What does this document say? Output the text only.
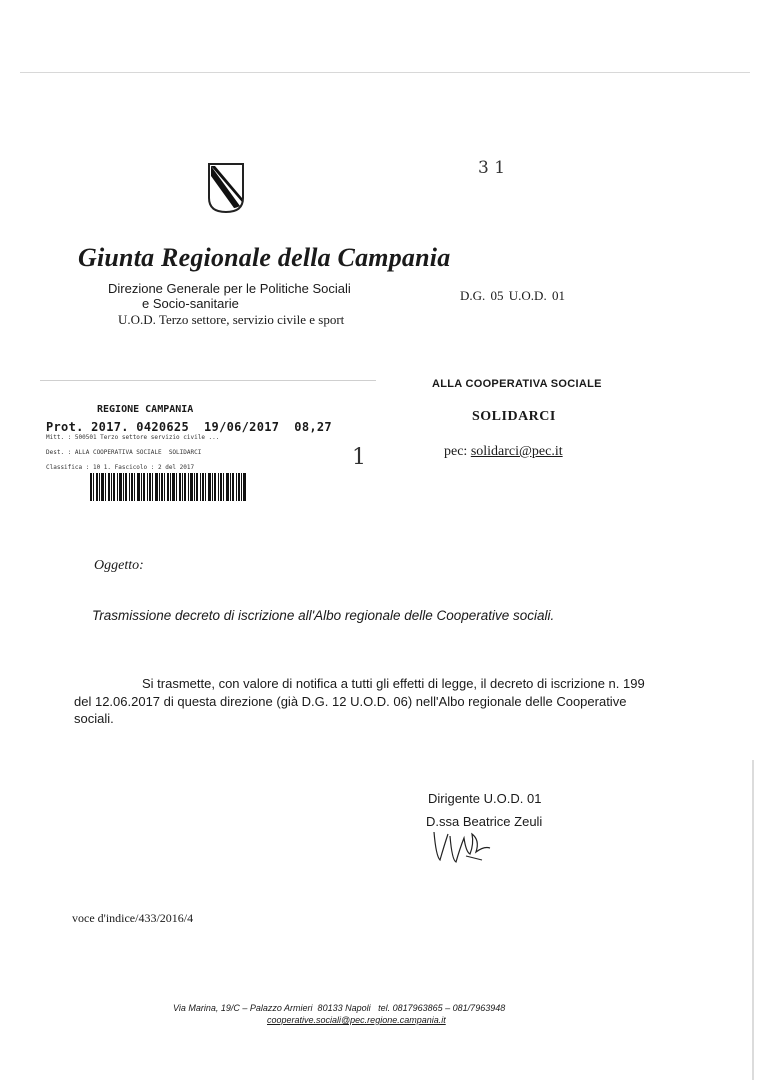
3 1
Giunta Regionale della Campania
Direzione Generale per le Politiche Sociali
e Socio-sanitarie
U.O.D. Terzo settore, servizio civile e sport
D.G. 05 U.O.D. 01
REGIONE CAMPANIA
Prot. 2017. 0420625  19/06/2017  08,27
Mitt. : 500501 Terzo settore servizio civile ...
Dest. : ALLA COOPERATIVA SOCIALE  SOLIDARCI
Classifica : 10 1. Fascicolo : 2 del 2017	1
ALLA COOPERATIVA SOCIALE
SOLIDARCI
pec: solidarci@pec.it
Oggetto:
Trasmissione decreto di iscrizione all'Albo regionale delle Cooperative sociali.
Si trasmette, con valore di notifica a tutti gli effetti di legge, il decreto di iscrizione n. 199
del 12.06.2017 di questa direzione (già D.G. 12 U.O.D. 06) nell'Albo regionale delle Cooperative
sociali.
Dirigente U.O.D. 01
D.ssa Beatrice Zeuli
voce d'indice/433/2016/4
Via Marina, 19/C – Palazzo Armieri  80133 Napoli   tel. 0817963865 – 081/7963948
cooperative.sociali@pec.regione.campania.it
